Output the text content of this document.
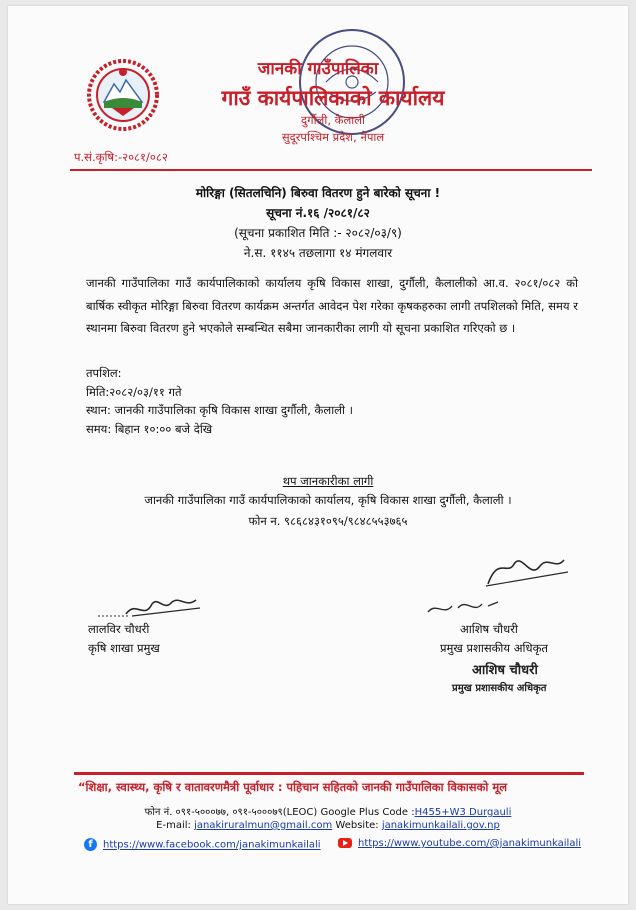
जानकी गाउँपालिका
गाउँ कार्यपालिकाको कार्यालय
दुर्गौली, कैलाली
सुदूरपश्चिम प्रदेश, नेपाल
प.सं.कृषि:-२०८१/०८२
मोरिङ्गा (सितलचिनि) बिरुवा वितरण हुने बारेको सूचना !
सूचना नं.१६ /२०८१/८२
(सूचना प्रकाशित मिति :- २०८२/०३/९)
ने.स. ११४५ तछलागा १४ मंगलवार
जानकी गाउँपालिका गाउँ कार्यपालिकाको कार्यालय कृषि विकास शाखा, दुर्गौली, कैलालीको आ.व. २०८१/०८२ को बार्षिक स्वीकृत मोरिङ्गा बिरुवा वितरण कार्यक्रम अन्तर्गत आवेदन पेश गरेका कृषकहरुका लागी तपशिलको मिति, समय र स्थानमा बिरुवा वितरण हुने भएकोले सम्बन्धित सबैमा जानकारीका लागी यो सूचना प्रकाशित गरिएको छ ।
तपशिल:
मिति:२०८२/०३/११ गते
स्थान: जानकी गाउँपालिका कृषि विकास शाखा दुर्गौली, कैलाली ।
समय: बिहान १०:०० बजे देखि
थप जानकारीका लागी
जानकी गाउँपालिका गाउँ कार्यपालिकाको कार्यालय, कृषि विकास शाखा दुर्गौली, कैलाली ।
फोन न. ९८६८४३१०९५/९८४८५५३७६५
लालविर चौधरी
कृषि शाखा प्रमुख
आशिष चौधरी
प्रमुख प्रशासकीय अधिकृत
आशिष चौधरी
प्रमुख प्रशासकीय अधिकृत
“शिक्षा, स्वास्थ्य, कृषि र वातावरणमैत्री पूर्वाधार : पहिचान सहितको जानकी गाउँपालिका विकासको मूल
फोन नं. ०९१-५०००७७, ०९१-५०००७९(LEOC) Google Plus Code :H455+W3 Durgauli
E-mail: janakiruralmun@gmail.com Website: janakimunkailali.gov.np
f https://www.facebook.com/janakimunkailali	https://www.youtube.com/@janakimunkailali
